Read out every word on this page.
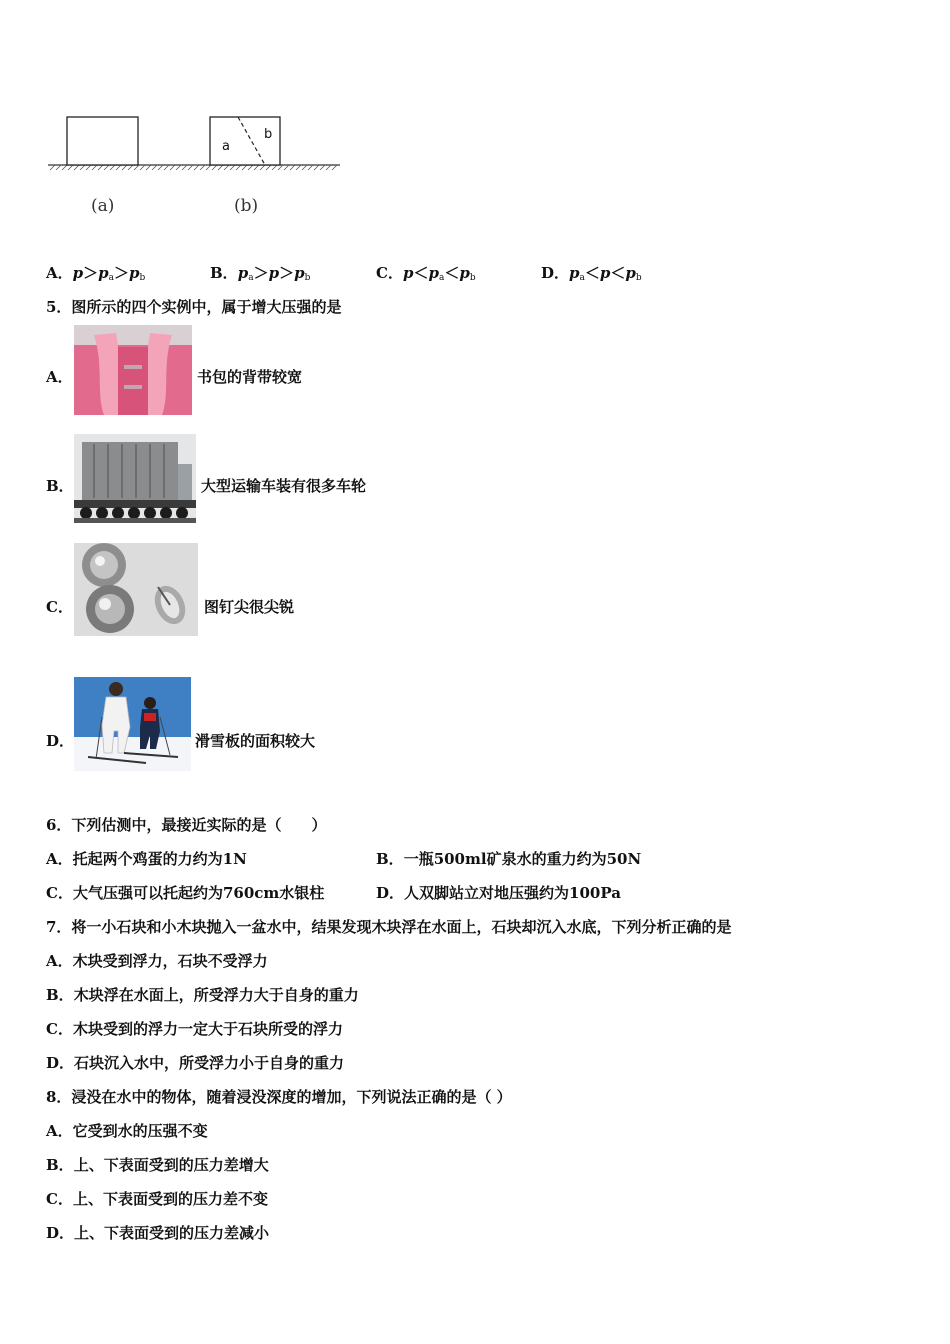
a
b
(a)	(b)
A．$p>p_a>p_b$	B．$p_a>p>p_b$	C．$p<p_a<p_b$	D．$p_a<p<p_b$
5．图所示的四个实例中，属于增大压强的是
A．	书包的背带较宽
B．	大型运输车装有很多车轮
C．	图钉尖很尖锐
D．	滑雪板的面积较大
6．下列估测中，最接近实际的是（　　）
A．托起两个鸡蛋的力约为1N	B．一瓶500ml矿泉水的重力约为50N
C．大气压强可以托起约为760cm水银柱	D．人双脚站立对地压强约为100Pa
7．将一小石块和小木块抛入一盆水中，结果发现木块浮在水面上，石块却沉入水底，下列分析正确的是
A．木块受到浮力，石块不受浮力
B．木块浮在水面上，所受浮力大于自身的重力
C．木块受到的浮力一定大于石块所受的浮力
D．石块沉入水中，所受浮力小于自身的重力
8．浸没在水中的物体，随着浸没深度的增加，下列说法正确的是（ ）
A．它受到水的压强不变
B．上、下表面受到的压力差增大
C．上、下表面受到的压力差不变
D．上、下表面受到的压力差减小
